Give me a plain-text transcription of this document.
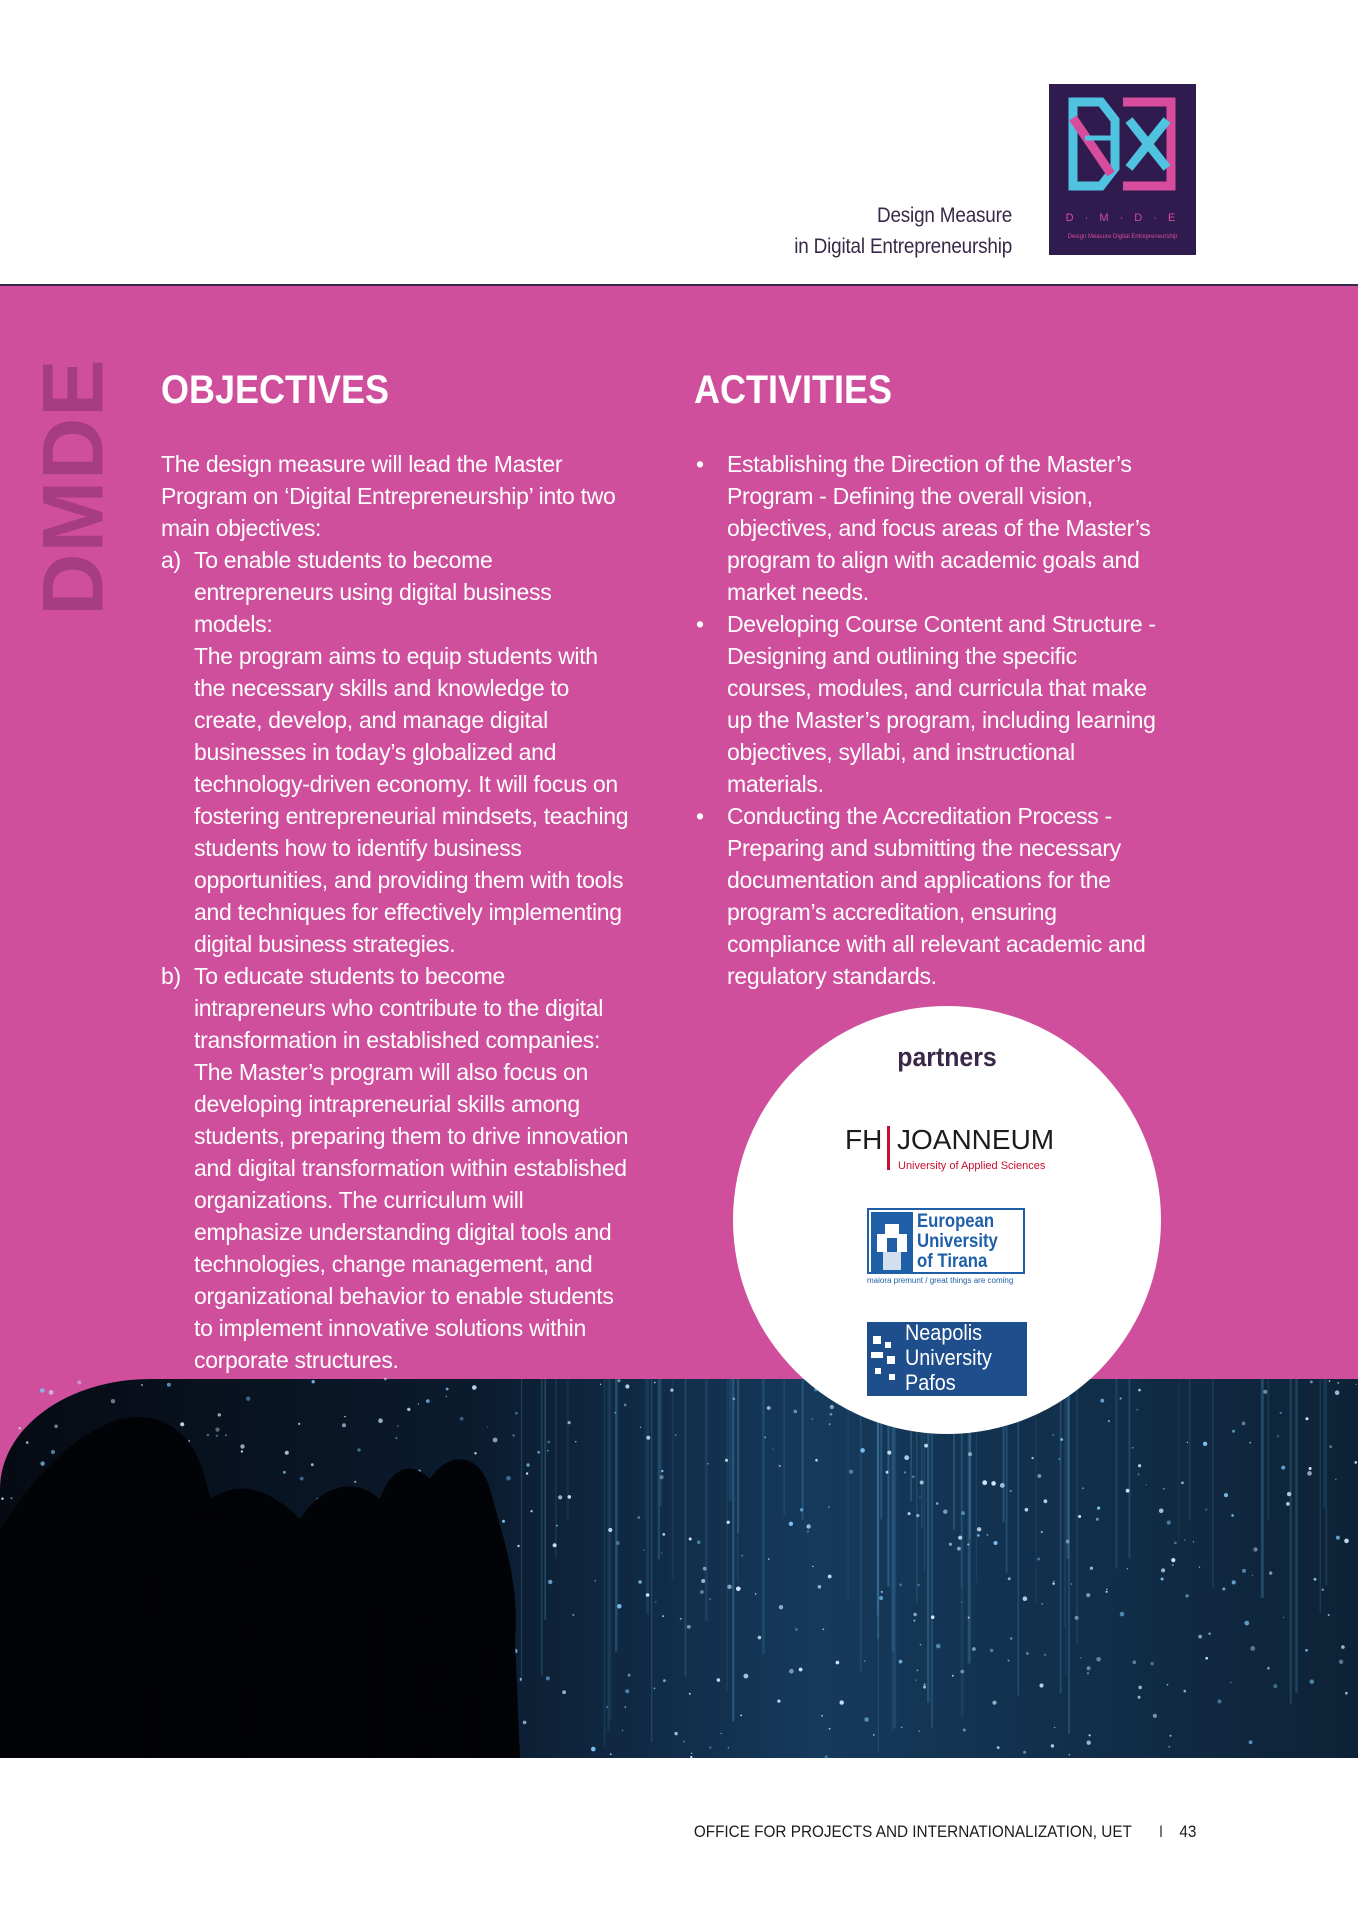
Design Measure
in Digital Entrepreneurship
D · M · D · E
Design Measure Digital Entrepreneurship
DMDE OBJECTIVES

The design measure will lead the Master Program on ‘Digital Entrepreneurship’ into two main objectives:

a) To enable students to become entrepreneurs using digital business models:
The program aims to equip students with the necessary skills and knowledge to create, develop, and manage digital businesses in today’s globalized and technology-driven economy. It will focus on fostering entrepreneurial mindsets, teaching students how to identify business opportunities, and providing them with tools and techniques for effectively implementing digital business strategies.
b) To educate students to become intrapreneurs who contribute to the digital transformation in established companies:
The Master’s program will also focus on developing intrapreneurial skills among students, preparing them to drive innovation and digital transformation within established organizations. The curriculum will emphasize understanding digital tools and technologies, change management, and organizational behavior to enable students to implement innovative solutions within corporate structures.
ACTIVITIES
• Establishing the Direction of the Master’s Program - Defining the overall vision, objectives, and focus areas of the Master’s program to align with academic goals and market needs.
• Developing Course Content and Structure - Designing and outlining the specific courses, modules, and curricula that make up the Master’s program, including learning objectives, syllabi, and instructional materials.
• Conducting the Accreditation Process - Preparing and submitting the necessary documentation and applications for the program’s accreditation, ensuring compliance with all relevant academic and regulatory standards.
partners
FH JOANNEUM
University of Applied Sciences
European
University
of Tirana
maiora premunt / great things are coming
Neapolis
University
Pafos
OFFICE FOR PROJECTS AND INTERNATIONALIZATION, UET I 43
